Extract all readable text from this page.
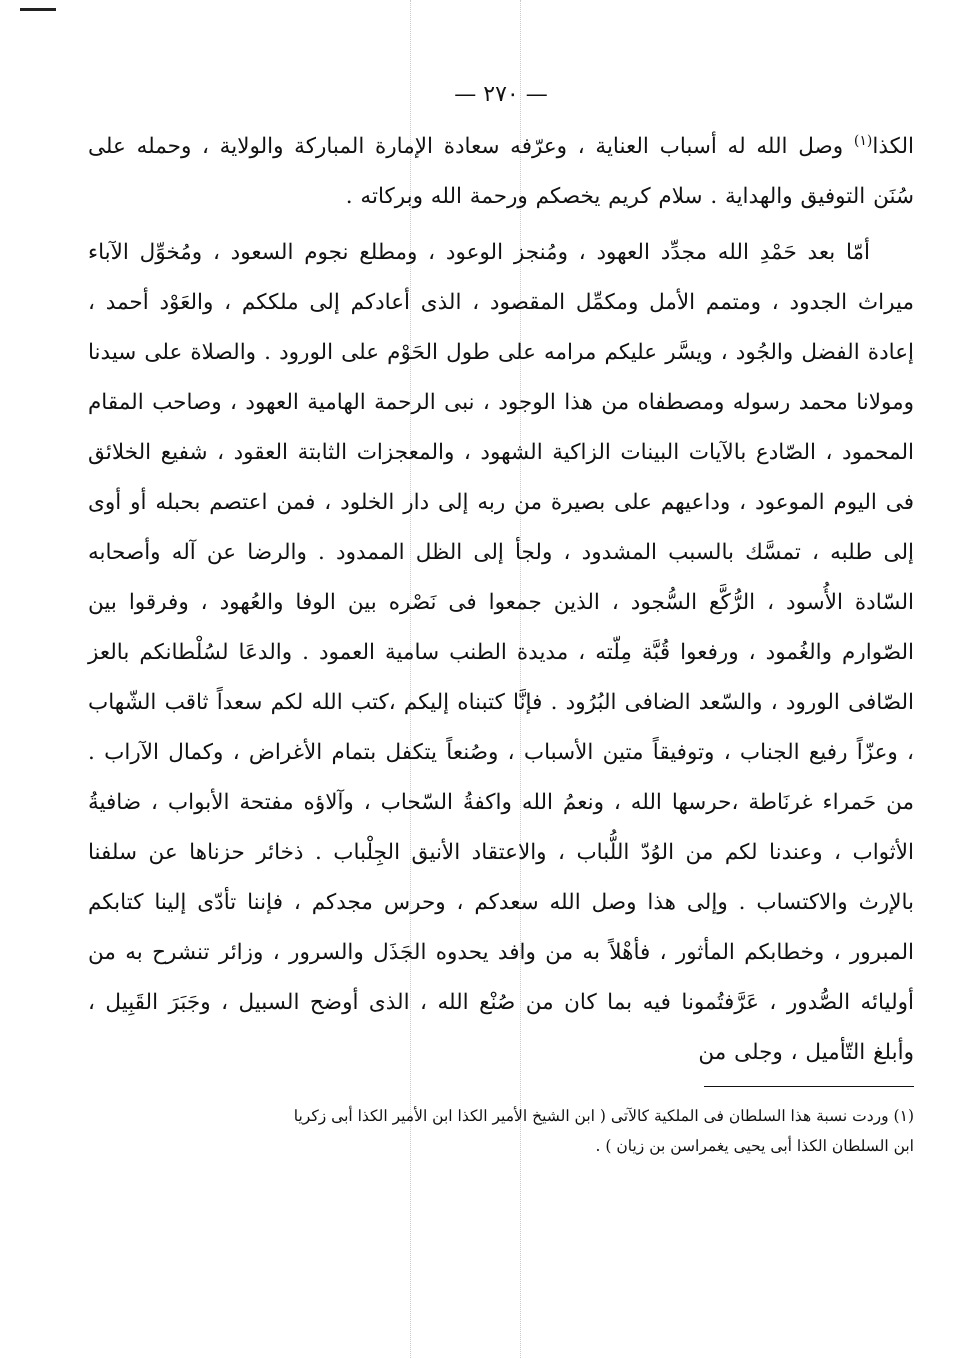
— ٢٧٠ —

الكذا$^{(١)}$ وصل الله له أسباب العناية ، وعرّفه سعادة الإمارة المباركة والولاية ، وحمله على سُنَن التوفيق والهداية . سلام كريم يخصكم ورحمة الله وبركاته .

أمّا بعد حَمْدِ الله مجدِّد العهود ، ومُنجز الوعود ، ومطلع نجوم السعود ، ومُخوِّل الآباء ميراث الجدود ، ومتمم الأمل ومكمِّل المقصود ، الذى أعادكم إلى ملككم ، والعَوْد أحمد ، إعادة الفضل والجُود ، ويسَّر عليكم مرامه على طول الحَوْم على الورود . والصلاة على سيدنا ومولانا محمد رسوله ومصطفاه من هذا الوجود ، نبى الرحمة الهامية العهود ، وصاحب المقام المحمود ، الصّادع بالآيات البينات الزاكية الشهود ، والمعجزات الثابتة العقود ، شفيع الخلائق فى اليوم الموعود ، وداعيهم على بصيرة من ربه إلى دار الخلود ، فمن اعتصم بحبله أو أوى إلى طلبه ، تمسَّك بالسبب المشدود ، ولجأ إلى الظل الممدود . والرضا عن آله وأصحابه السّادة الأُسود ، الرُّكَّع السُّجود ، الذين جمعوا فى نَصْره بين الوفا والعُهود ، وفرقوا بين الصّوارم والغُمود ، ورفعوا قُبَّة مِلّته ، مديدة الطنب سامية العمود . والدعَا لسُلْطانكم بالعز الصّافى الورود ، والسّعد الضافى البُرُود . فإنَّا كتبناه إليكم ،كتب الله لكم سعداً ثاقب الشّهاب ، وعزّاً رفيع الجناب ، وتوفيقاً متين الأسباب ، وصُنعاً يتكفل بتمام الأغراض ، وكمال الآراب . من حَمراء غرنَاطة ،حرسها الله ، ونعمُ الله واكفةُ السّحاب ، وآلاؤه مفتحة الأبواب ، ضافيةُ الأثواب ، وعندنا لكم من الوُدّ اللُّباب ، والاعتقاد الأنيق الجِلْباب . ذخائر حزناها عن سلفنا بالإرث والاكتساب . وإلى هذا وصل الله سعدكم ، وحرس مجدكم ، فإننا تأدّى إلينا كتابكم المبرور ، وخطابكم المأثور ، فأهْلاً به من وافد يحدوه الجَذَل والسرور ، وزائر تنشرح به من أوليائه الصُّدور ، عَرَّفتُمونا فيه بما كان من صُنْع الله ، الذى أوضح السبيل ، وجَبَرَ القَبِيل ، وأبلغ التّأميل ، وجلى من

(١) وردت نسبة هذا السلطان فى الملكية كالآتى ( ابن الشيخ الأمير الكذا ابن الأمير الكذا أبى زكريا

ابن السلطان الكذا أبى يحيى يغمراسن بن زيان ) .
